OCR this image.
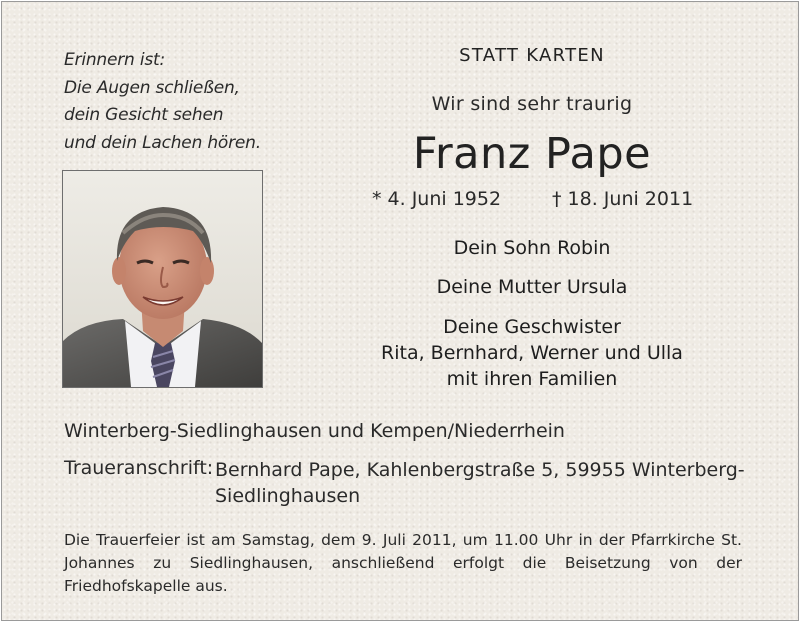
Erinnern ist:
Die Augen schließen,
dein Gesicht sehen
und dein Lachen hören.
STATT KARTEN
Wir sind sehr traurig
Franz Pape
* 4. Juni 1952	† 18. Juni 2011
Dein Sohn Robin
Deine Mutter Ursula
Deine Geschwister
Rita, Bernhard, Werner und Ulla
mit ihren Familien
Winterberg-Siedlinghausen und Kempen/Niederrhein
Traueranschrift: Bernhard Pape, Kahlenbergstraße 5, 59955 Winterberg-
Siedlinghausen
Die Trauerfeier ist am Samstag, dem 9. Juli 2011, um 11.00 Uhr in der Pfarrkirche St. Johannes zu Siedlinghausen, anschließend erfolgt die Beisetzung von der Friedhofskapelle aus.
